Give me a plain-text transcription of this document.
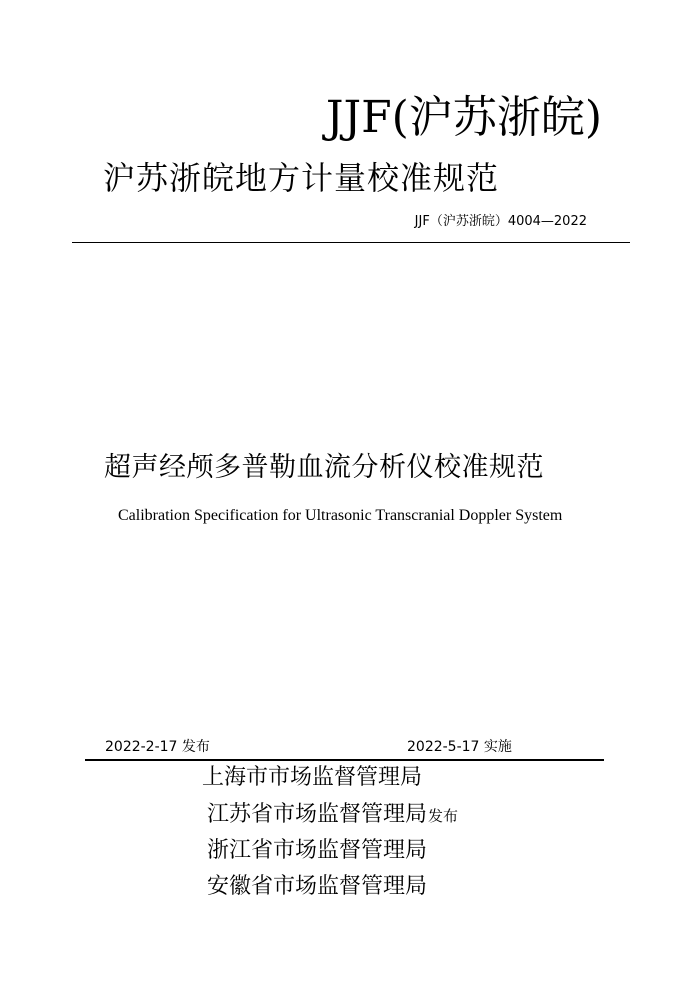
JJF(沪苏浙皖)
沪苏浙皖地方计量校准规范
JJF（沪苏浙皖）4004—2022
超声经颅多普勒血流分析仪校准规范
Calibration Specification for Ultrasonic Transcranial Doppler System
2022-2-17 发布	2022-5-17 实施
上海市市场监督管理局
江苏省市场监督管理局发布
浙江省市场监督管理局
安徽省市场监督管理局
